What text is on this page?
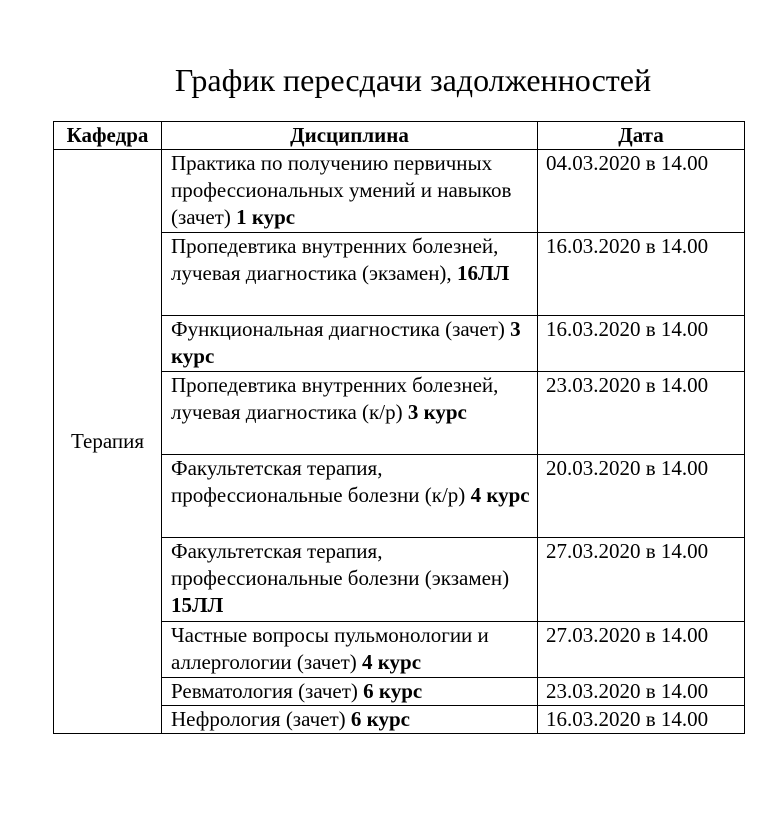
График пересдачи задолженностей
Кафедра	Дисциплина	Дата
Терапия	Практика по получению первичных профессиональных умений и навыков (зачет) 1 курс	04.03.2020 в 14.00
	Пропедевтика внутренних болезней, лучевая диагностика (экзамен), 16ЛЛ	16.03.2020 в 14.00
	Функциональная диагностика (зачет) 3 курс	16.03.2020 в 14.00
	Пропедевтика внутренних болезней, лучевая диагностика (к/р) 3 курс	23.03.2020 в 14.00
	Факультетская терапия, профессиональные болезни (к/р) 4 курс	20.03.2020 в 14.00
	Факультетская терапия, профессиональные болезни (экзамен) 15ЛЛ	27.03.2020 в 14.00
	Частные вопросы пульмонологии и аллергологии (зачет) 4 курс	27.03.2020 в 14.00
	Ревматология (зачет) 6 курс	23.03.2020 в 14.00
	Нефрология (зачет) 6 курс	16.03.2020 в 14.00
